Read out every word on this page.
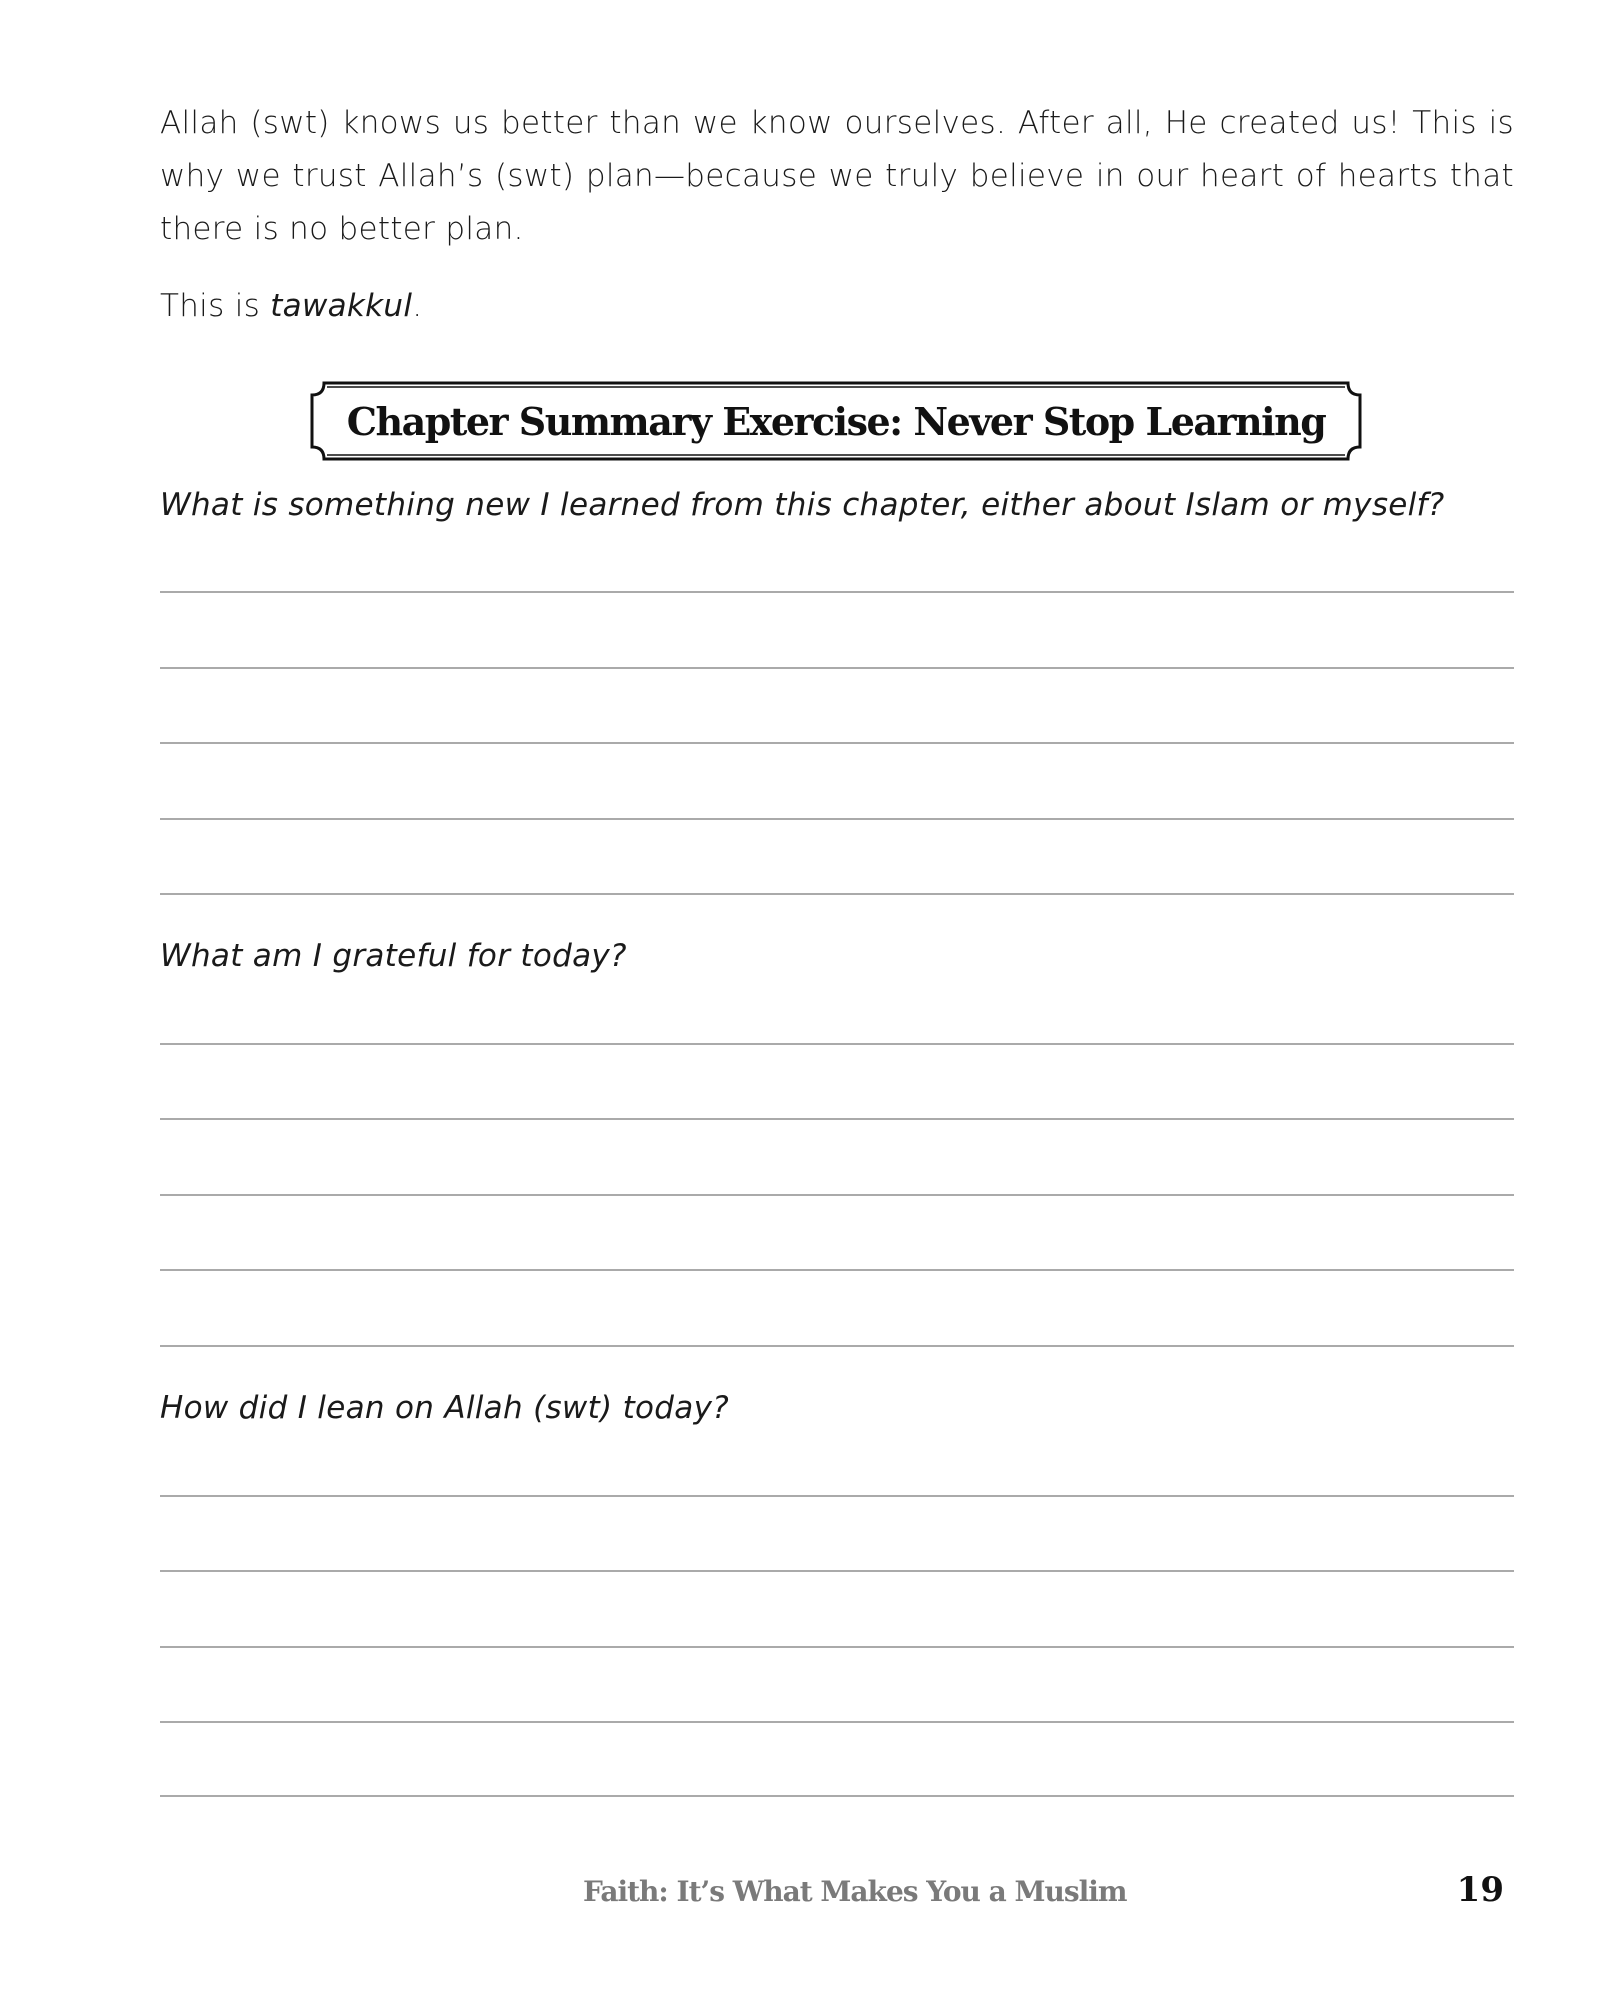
Allah (swt) knows us better than we know ourselves. After all, He created us! This is why we trust Allah’s (swt) plan—because we truly believe in our heart of hearts that there is no better plan.

This is tawakkul.

Chapter Summary Exercise: Never Stop Learning
What is something new I learned from this chapter, either about Islam or myself?
What am I grateful for today?
How did I lean on Allah (swt) today?
Faith: It’s What Makes You a Muslim	19
